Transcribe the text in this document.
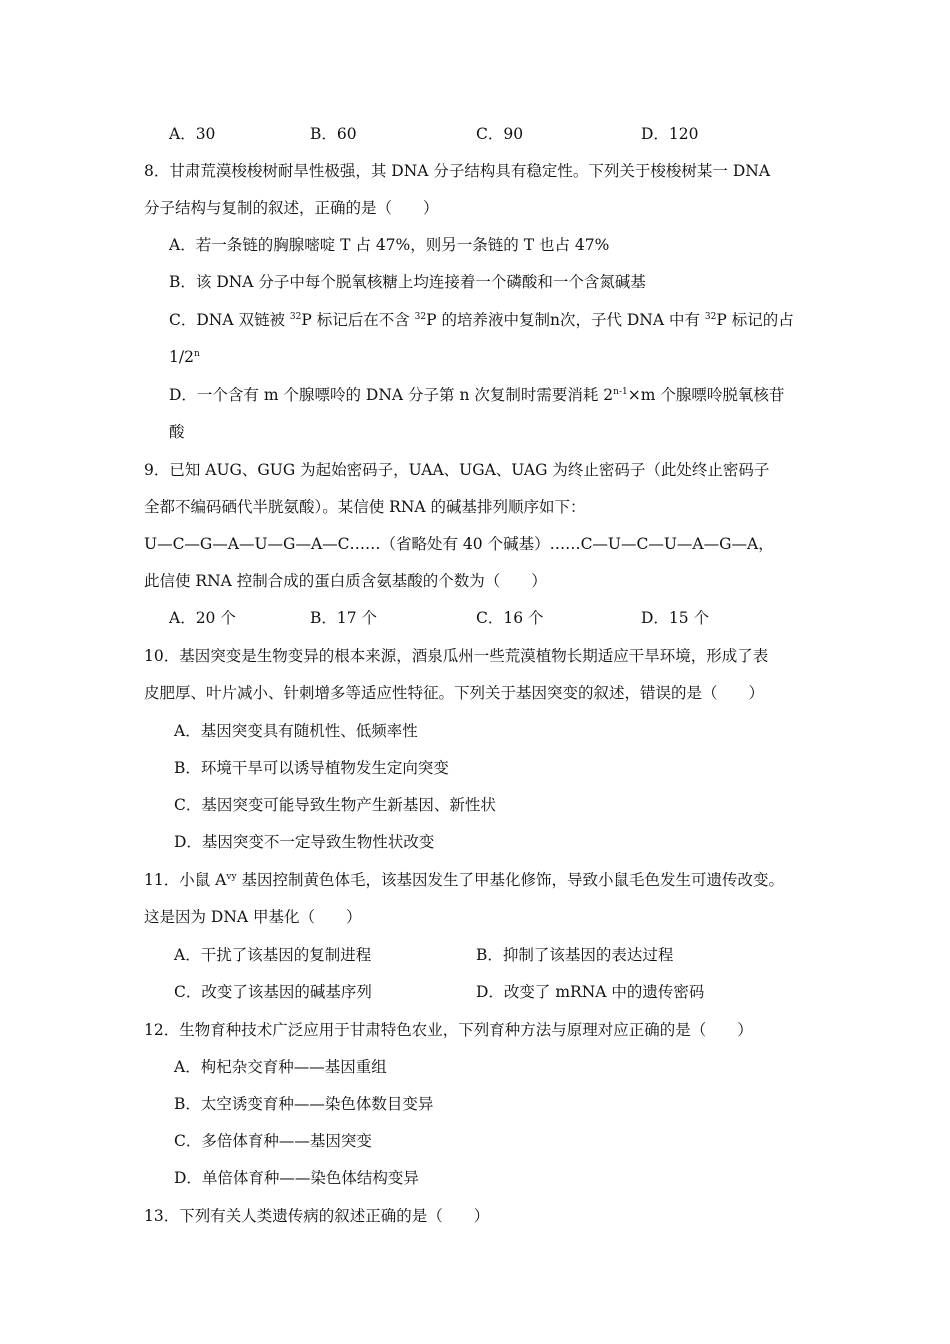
A．30	B．60	C．90	D．120
8．甘肃荒漠梭梭树耐旱性极强，其 DNA 分子结构具有稳定性。下列关于梭梭树某一 DNA
分子结构与复制的叙述，正确的是（　　）
A．若一条链的胸腺嘧啶 T 占 47%，则另一条链的 T 也占 47%
B．该 DNA 分子中每个脱氧核糖上均连接着一个磷酸和一个含氮碱基
C．DNA 双链被 $^{32}$P 标记后在不含 $^{32}$P 的培养液中复制n次，子代 DNA 中有 $^{32}$P 标记的占
1/2$^n$
D．一个含有 m 个腺嘌呤的 DNA 分子第 n 次复制时需要消耗 $2^{n-1}\times m$ 个腺嘌呤脱氧核苷
酸
9．已知 AUG、GUG 为起始密码子，UAA、UGA、UAG 为终止密码子（此处终止密码子
全都不编码硒代半胱氨酸）。某信使 RNA 的碱基排列顺序如下：
U—C—G—A—U—G—A—C……（省略处有 40 个碱基）……C—U—C—U—A—G—A，
此信使 RNA 控制合成的蛋白质含氨基酸的个数为（　　）
A．20 个	B．17 个	C．16 个	D．15 个
10．基因突变是生物变异的根本来源，酒泉瓜州一些荒漠植物长期适应干旱环境，形成了表
皮肥厚、叶片减小、针刺增多等适应性特征。下列关于基因突变的叙述，错误的是（　　）
A．基因突变具有随机性、低频率性
B．环境干旱可以诱导植物发生定向突变
C．基因突变可能导致生物产生新基因、新性状
D．基因突变不一定导致生物性状改变
11．小鼠 $A^{vy}$ 基因控制黄色体毛，该基因发生了甲基化修饰，导致小鼠毛色发生可遗传改变。
这是因为 DNA 甲基化（　　）
A．干扰了该基因的复制进程	B．抑制了该基因的表达过程
C．改变了该基因的碱基序列	D．改变了 mRNA 中的遗传密码
12．生物育种技术广泛应用于甘肃特色农业，下列育种方法与原理对应正确的是（　　）
A．枸杞杂交育种——基因重组
B．太空诱变育种——染色体数目变异
C．多倍体育种——基因突变
D．单倍体育种——染色体结构变异
13．下列有关人类遗传病的叙述正确的是（　　）
